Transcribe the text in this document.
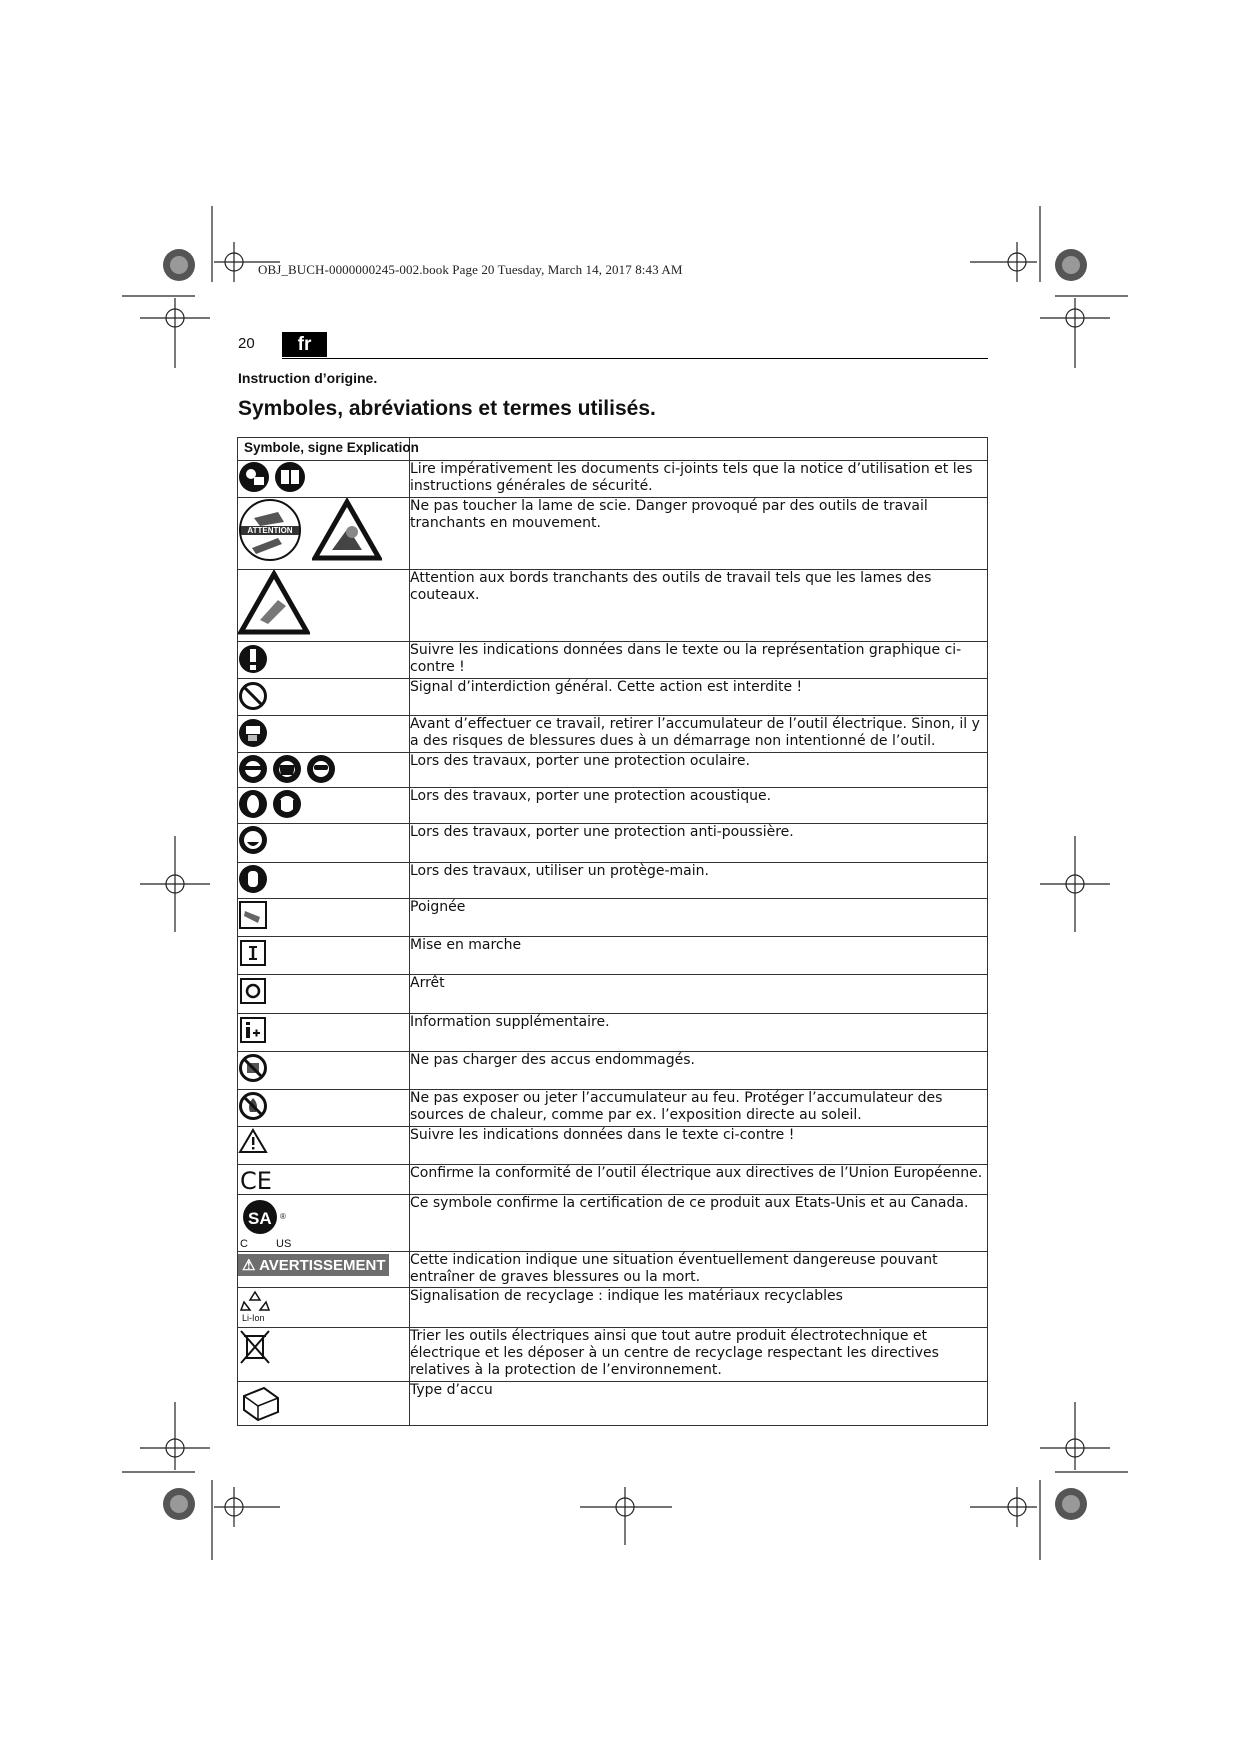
OBJ_BUCH-0000000245-002.book Page 20 Tuesday, March 14, 2017 8:43 AM
20	fr
Instruction d’origine.
Symboles, abréviations et termes utilisés.
Symbole, signe Explication	

	Lire impérativement les documents ci-joints tels que la notice d’utilisation et les instructions générales de sécurité.

ATTENTION	Ne pas toucher la lame de scie. Danger provoqué par des outils de travail tranchants en mouvement.

	Attention aux bords tranchants des outils de travail tels que les lames des couteaux.

	Suivre les indications données dans le texte ou la représentation graphique ci-contre !

	Signal d’interdiction général. Cette action est interdite !

	Avant d’effectuer ce travail, retirer l’accumulateur de l’outil électrique. Sinon, il y a des risques de blessures dues à un démarrage non intentionné de l’outil.

	Lors des travaux, porter une protection oculaire.

	Lors des travaux, porter une protection acoustique.

	Lors des travaux, porter une protection anti-poussière.

	Lors des travaux, utiliser un protège-main.

	Poignée

	Mise en marche

	Arrêt

	Information supplémentaire.

	Ne pas charger des accus endommagés.

	Ne pas exposer ou jeter l’accumulateur au feu. Protéger l’accumulateur des sources de chaleur, comme par ex. l’exposition directe au soleil.

	Suivre les indications données dans le texte ci-contre !

CE	Confirme la conformité de l’outil électrique aux directives de l’Union Européenne.

SA ®
C US	Ce symbole confirme la certification de ce produit aux Etats-Unis et au Canada.
⚠ AVERTISSEMENT	Cette indication indique une situation éventuellement dangereuse pouvant entraîner de graves blessures ou la mort.

Li-Ion	Signalisation de recyclage : indique les matériaux recyclables

	Trier les outils électriques ainsi que tout autre produit électrotechnique et électrique et les déposer à un centre de recyclage respectant les directives relatives à la protection de l’environnement.

	Type d’accu
